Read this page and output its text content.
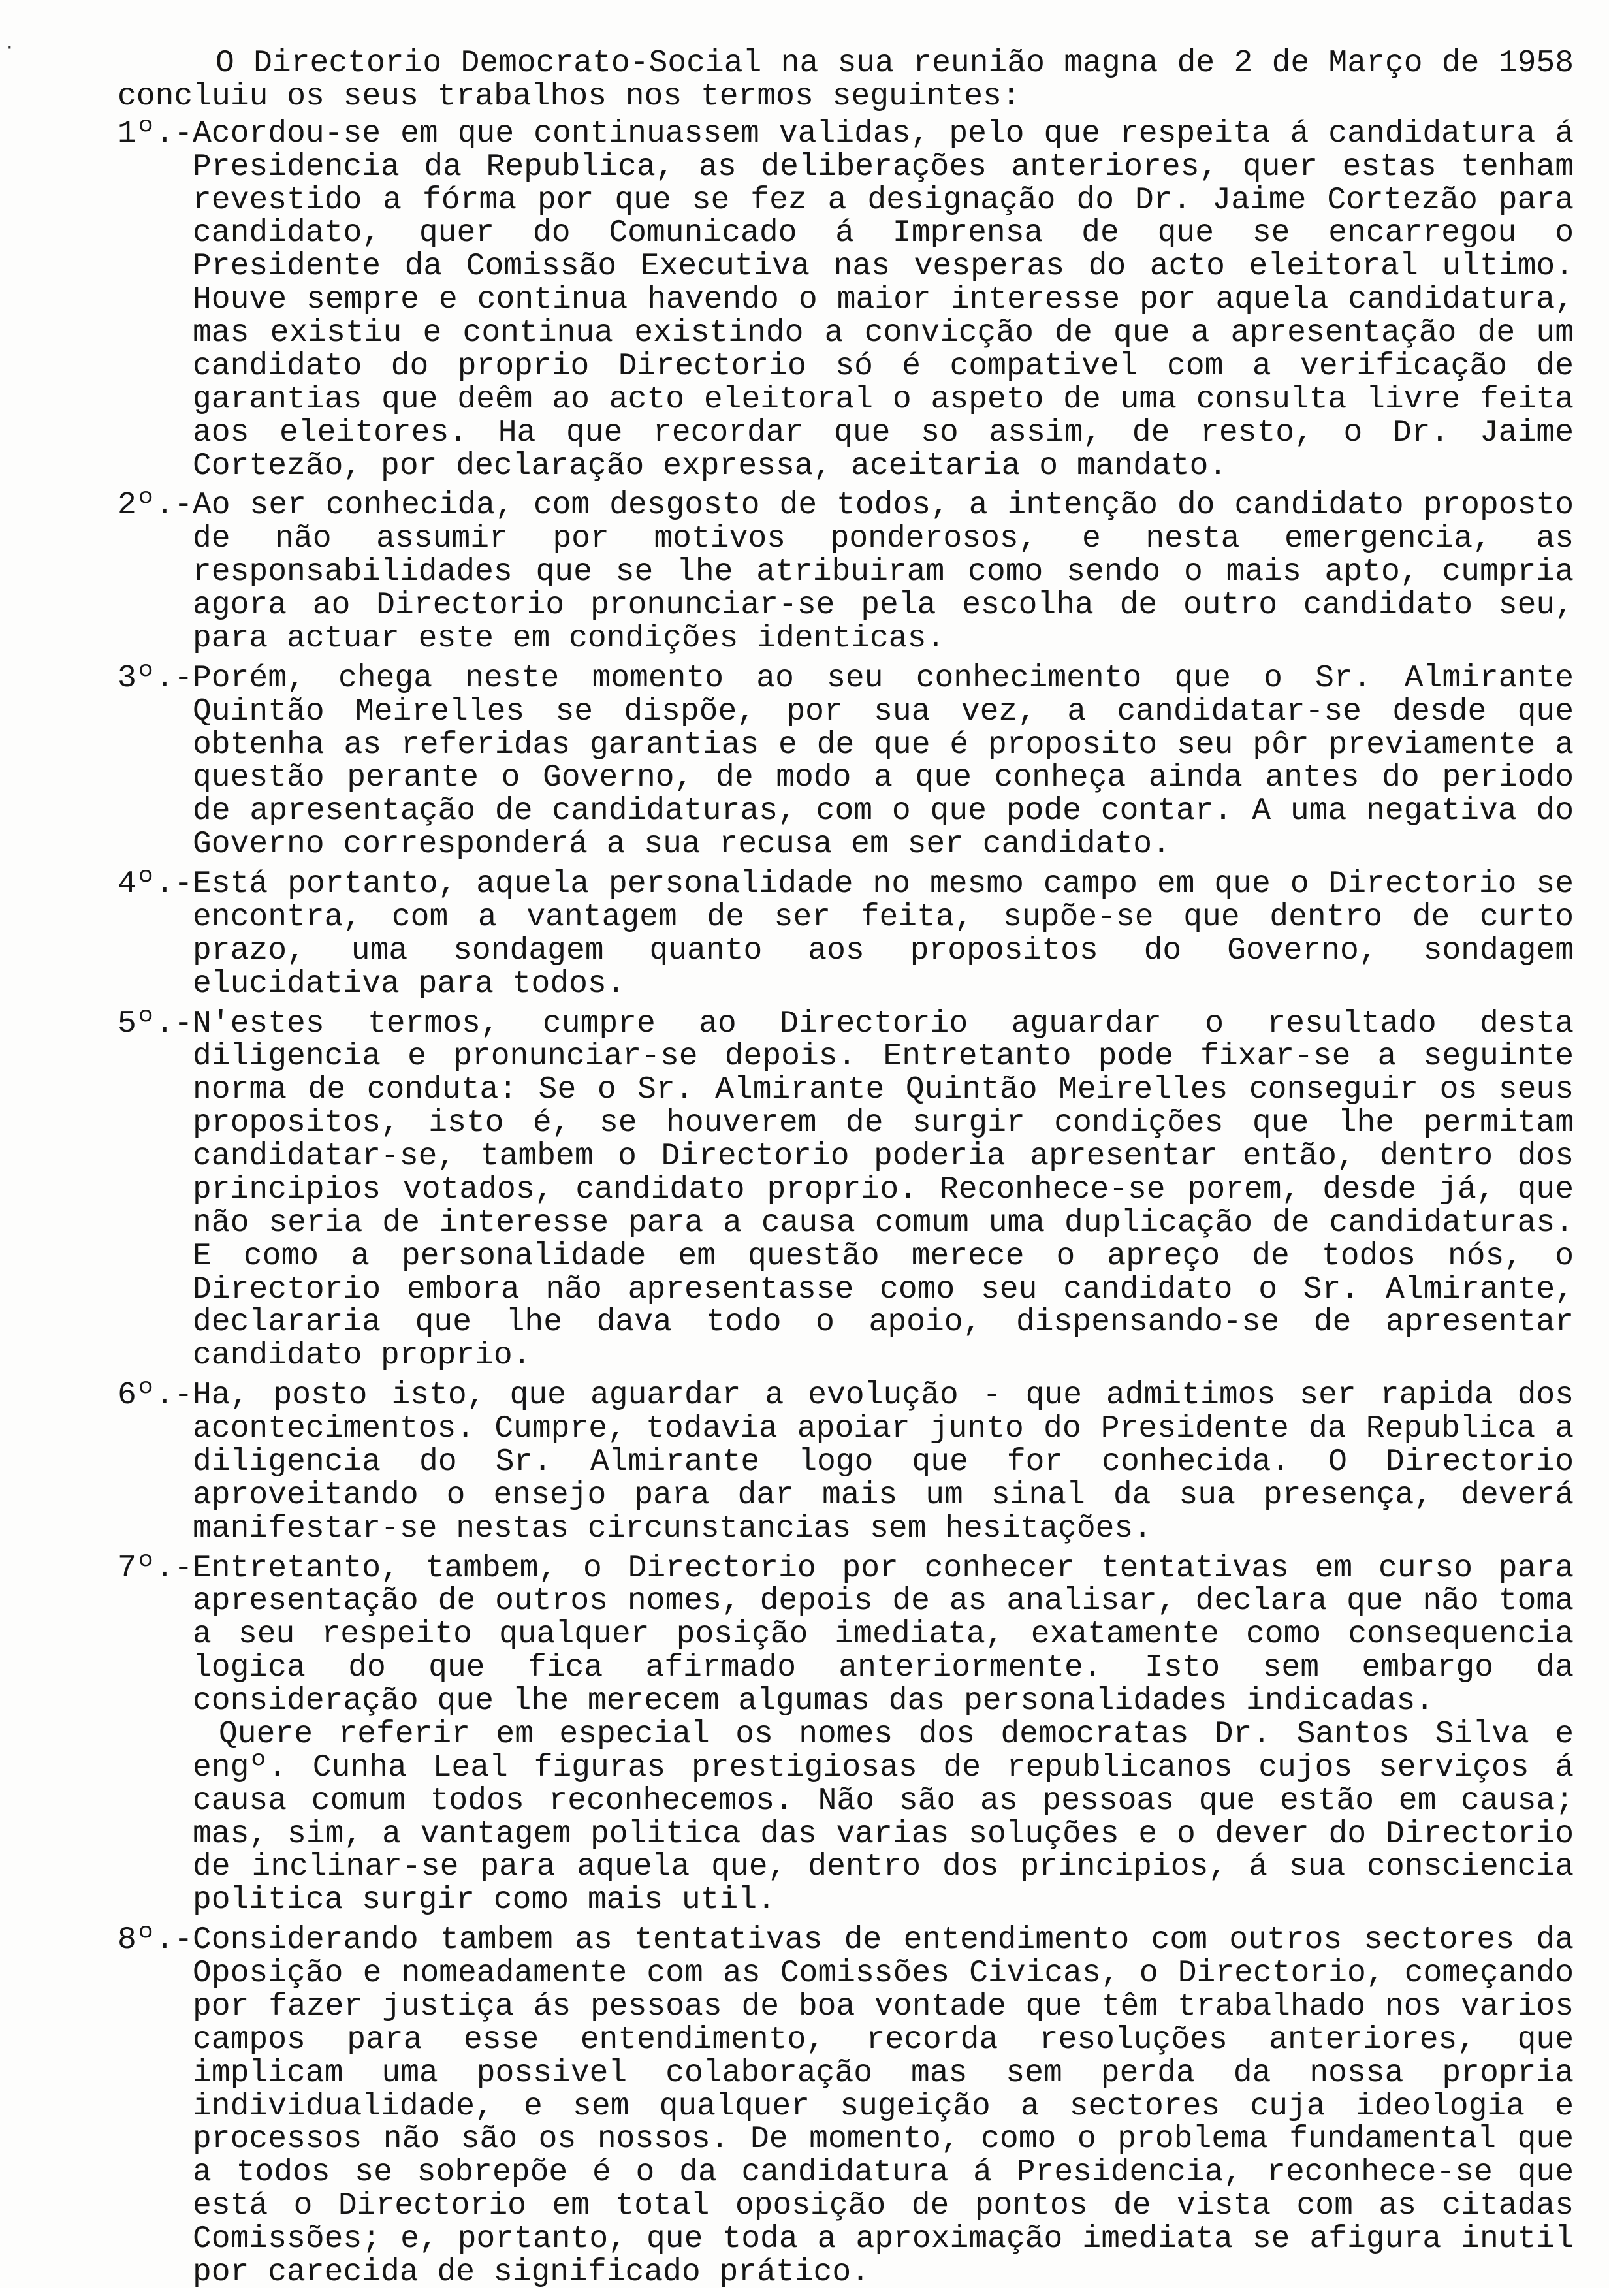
·	O Directorio Democrato-Social na sua reunião magna de 2 de Março de 1958 concluiu os seus trabalhos nos termos seguintes:

1º.- Acordou-se em que continuassem validas, pelo que respeita á candidatura á Presidencia da Republica, as deliberações anteriores, quer estas tenham revestido a fórma por que se fez a designação do Dr. Jaime Cortezão para candidato, quer do Comunicado á Imprensa de que se encarregou o Presidente da Comissão Executiva nas vesperas do acto eleitoral ultimo. Houve sempre e continua havendo o maior interesse por aquela candidatura, mas existiu e continua existindo a convicção de que a apresentação de um candidato do proprio Directorio só é compativel com a verificação de garantias que deêm ao acto eleitoral o aspeto de uma consulta livre feita aos eleitores. Ha que recordar que so assim, de resto, o Dr. Jaime Cortezão, por declaração expressa, aceitaria o mandato.
2º.- Ao ser conhecida, com desgosto de todos, a intenção do candidato proposto de não assumir por motivos ponderosos, e nesta emergencia, as responsabilidades que se lhe atribuiram como sendo o mais apto, cumpria agora ao Directorio pronunciar-se pela escolha de outro candidato seu, para actuar este em condições identicas.
3º.- Porém, chega neste momento ao seu conhecimento que o Sr. Almirante Quintão Meirelles se dispõe, por sua vez, a candidatar-se desde que obtenha as referidas garantias e de que é proposito seu pôr previamente a questão perante o Governo, de modo a que conheça ainda antes do periodo de apresentação de candidaturas, com o que pode contar. A uma negativa do Governo corresponderá a sua recusa em ser candidato.
4º.- Está portanto, aquela personalidade no mesmo campo em que o Directorio se encontra, com a vantagem de ser feita, supõe-se que dentro de curto prazo, uma sondagem quanto aos propositos do Governo, sondagem elucidativa para todos.
5º.- N'estes termos, cumpre ao Directorio aguardar o resultado desta diligencia e pronunciar-se depois. Entretanto pode fixar-se a seguinte norma de conduta: Se o Sr. Almirante Quintão Meirelles conseguir os seus propositos, isto é, se houverem de surgir condições que lhe permitam candidatar-se, tambem o Directorio poderia apresentar então, dentro dos principios votados, candidato proprio. Reconhece-se porem, desde já, que não seria de interesse para a causa comum uma duplicação de candidaturas. E como a personalidade em questão merece o apreço de todos nós, o Directorio embora não apresentasse como seu candidato o Sr. Almirante, declararia que lhe dava todo o apoio, dispensando-se de apresentar candidato proprio.
6º.- Ha, posto isto, que aguardar a evolução - que admitimos ser rapida dos acontecimentos. Cumpre, todavia apoiar junto do Presidente da Republica a diligencia do Sr. Almirante logo que for conhecida. O Directorio aproveitando o ensejo para dar mais um sinal da sua presença, deverá manifestar-se nestas circunstancias sem hesitações.
7º.- Entretanto, tambem, o Directorio por conhecer tentativas em curso para apresentação de outros nomes, depois de as analisar, declara que não toma a seu respeito qualquer posição imediata, exatamente como consequencia logica do que fica afirmado anteriormente. Isto sem embargo da consideração que lhe merecem algumas das personalidades indicadas.
Quere referir em especial os nomes dos democratas Dr. Santos Silva e engº. Cunha Leal figuras prestigiosas de republicanos cujos serviços á causa comum todos reconhecemos. Não são as pessoas que estão em causa; mas, sim, a vantagem politica das varias soluções e o dever do Directorio de inclinar-se para aquela que, dentro dos principios, á sua consciencia politica surgir como mais util.
8º.- Considerando tambem as tentativas de entendimento com outros sectores da Oposição e nomeadamente com as Comissões Civicas, o Directorio, começando por fazer justiça ás pessoas de boa vontade que têm trabalhado nos varios campos para esse entendimento, recorda resoluções anteriores, que implicam uma possivel colaboração mas sem perda da nossa propria individualidade, e sem qualquer sugeição a sectores cuja ideologia e processos não são os nossos. De momento, como o problema fundamental que a todos se sobrepõe é o da candidatura á Presidencia, reconhece-se que está o Directorio em total oposição de pontos de vista com as citadas Comissões; e, portanto, que toda a aproximação imediata se afigura inutil por carecida de significado prático.
